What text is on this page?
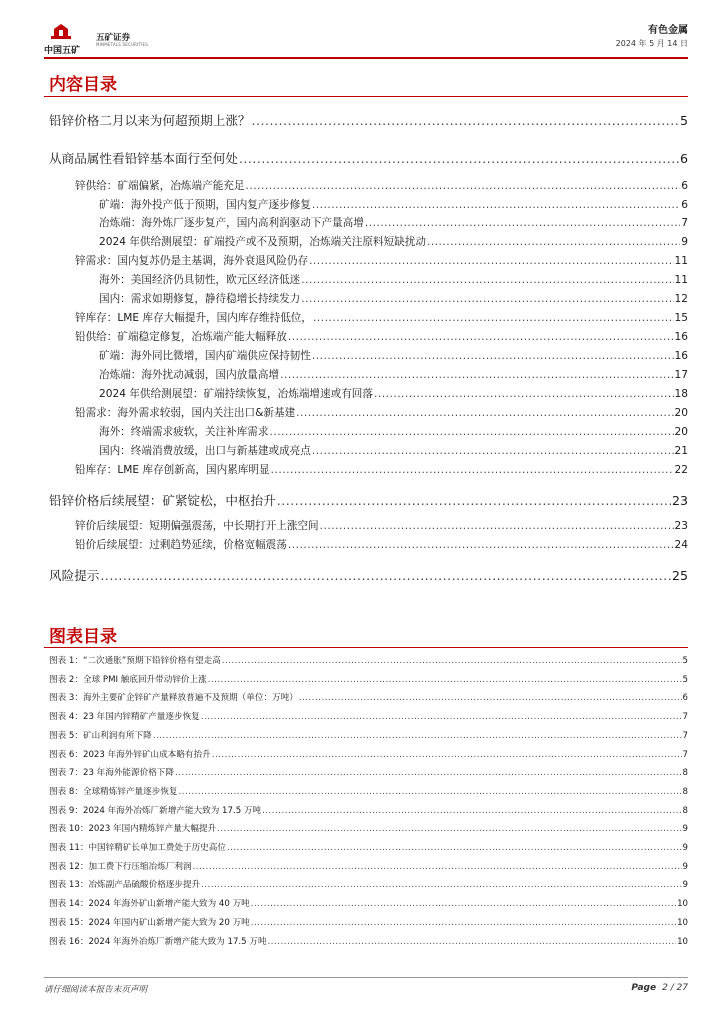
中国五矿
五矿证券
MINMETALS SECURITIES
有色金属
2024 年 5 月 14 日
内容目录
铅锌价格二月以来为何超预期上涨？ .....	5
从商品属性看铅锌基本面行至何处 .....	6
锌供给：矿端偏紧，冶炼端产能充足 .....	6
矿端：海外投产低于预期，国内复产逐步修复 .....	6
冶炼端：海外炼厂逐步复产，国内高利润驱动下产量高增 .....	7
2024 年供给测展望：矿端投产或不及预期，冶炼端关注原料短缺扰动 .....	9
锌需求：国内复苏仍是主基调，海外衰退风险仍存 .....	11
海外：美国经济仍具韧性，欧元区经济低迷 .....	11
国内：需求如期修复，静待稳增长持续发力 .....	12
锌库存：LME 库存大幅提升，国内库存维持低位， .....	15
铅供给：矿端稳定修复，冶炼端产能大幅释放 .....	16
矿端：海外同比微增，国内矿端供应保持韧性 .....	16
冶炼端：海外扰动减弱，国内放量高增 .....	17
2024 年供给测展望：矿端持续恢复，冶炼端增速或有回落 .....	18
铅需求：海外需求较弱，国内关注出口&新基建 .....	20
海外：终端需求疲软，关注补库需求 .....	20
国内：终端消费放缓，出口与新基建或成亮点 .....	21
铅库存：LME 库存创新高，国内累库明显 .....	22
铅锌价格后续展望：矿紧锭松，中枢抬升 .....	23
锌价后续展望：短期偏强震荡，中长期打开上涨空间 .....	23
铅价后续展望：过剩趋势延续，价格宽幅震荡 .....	24
风险提示 .....	25
图表目录
图表 1：“二次通胀”预期下铅锌价格有望走高 .....	5
图表 2：全球 PMI 触底回升带动锌价上涨 .....	5
图表 3：海外主要矿企锌矿产量释放普遍不及预期（单位：万吨） .....	6
图表 4：23 年国内锌精矿产量逐步恢复 .....	7
图表 5：矿山利润有所下降 .....	7
图表 6：2023 年海外锌矿山成本略有抬升 .....	7
图表 7：23 年海外能源价格下降 .....	8
图表 8：全球精炼锌产量逐步恢复 .....	8
图表 9：2024 年海外冶炼厂新增产能大致为 17.5 万吨 .....	8
图表 10：2023 年国内精炼锌产量大幅提升 .....	9
图表 11：中国锌精矿长单加工费处于历史高位 .....	9
图表 12：加工费下行压缩冶炼厂利润 .....	9
图表 13：冶炼副产品硫酸价格逐步提升 .....	9
图表 14：2024 年海外矿山新增产能大致为 40 万吨 .....	10
图表 15：2024 年国内矿山新增产能大致为 20 万吨 .....	10
图表 16：2024 年海外冶炼厂新增产能大致为 17.5 万吨 .....	10
请仔细阅读本报告末页声明	Page 2 / 27
